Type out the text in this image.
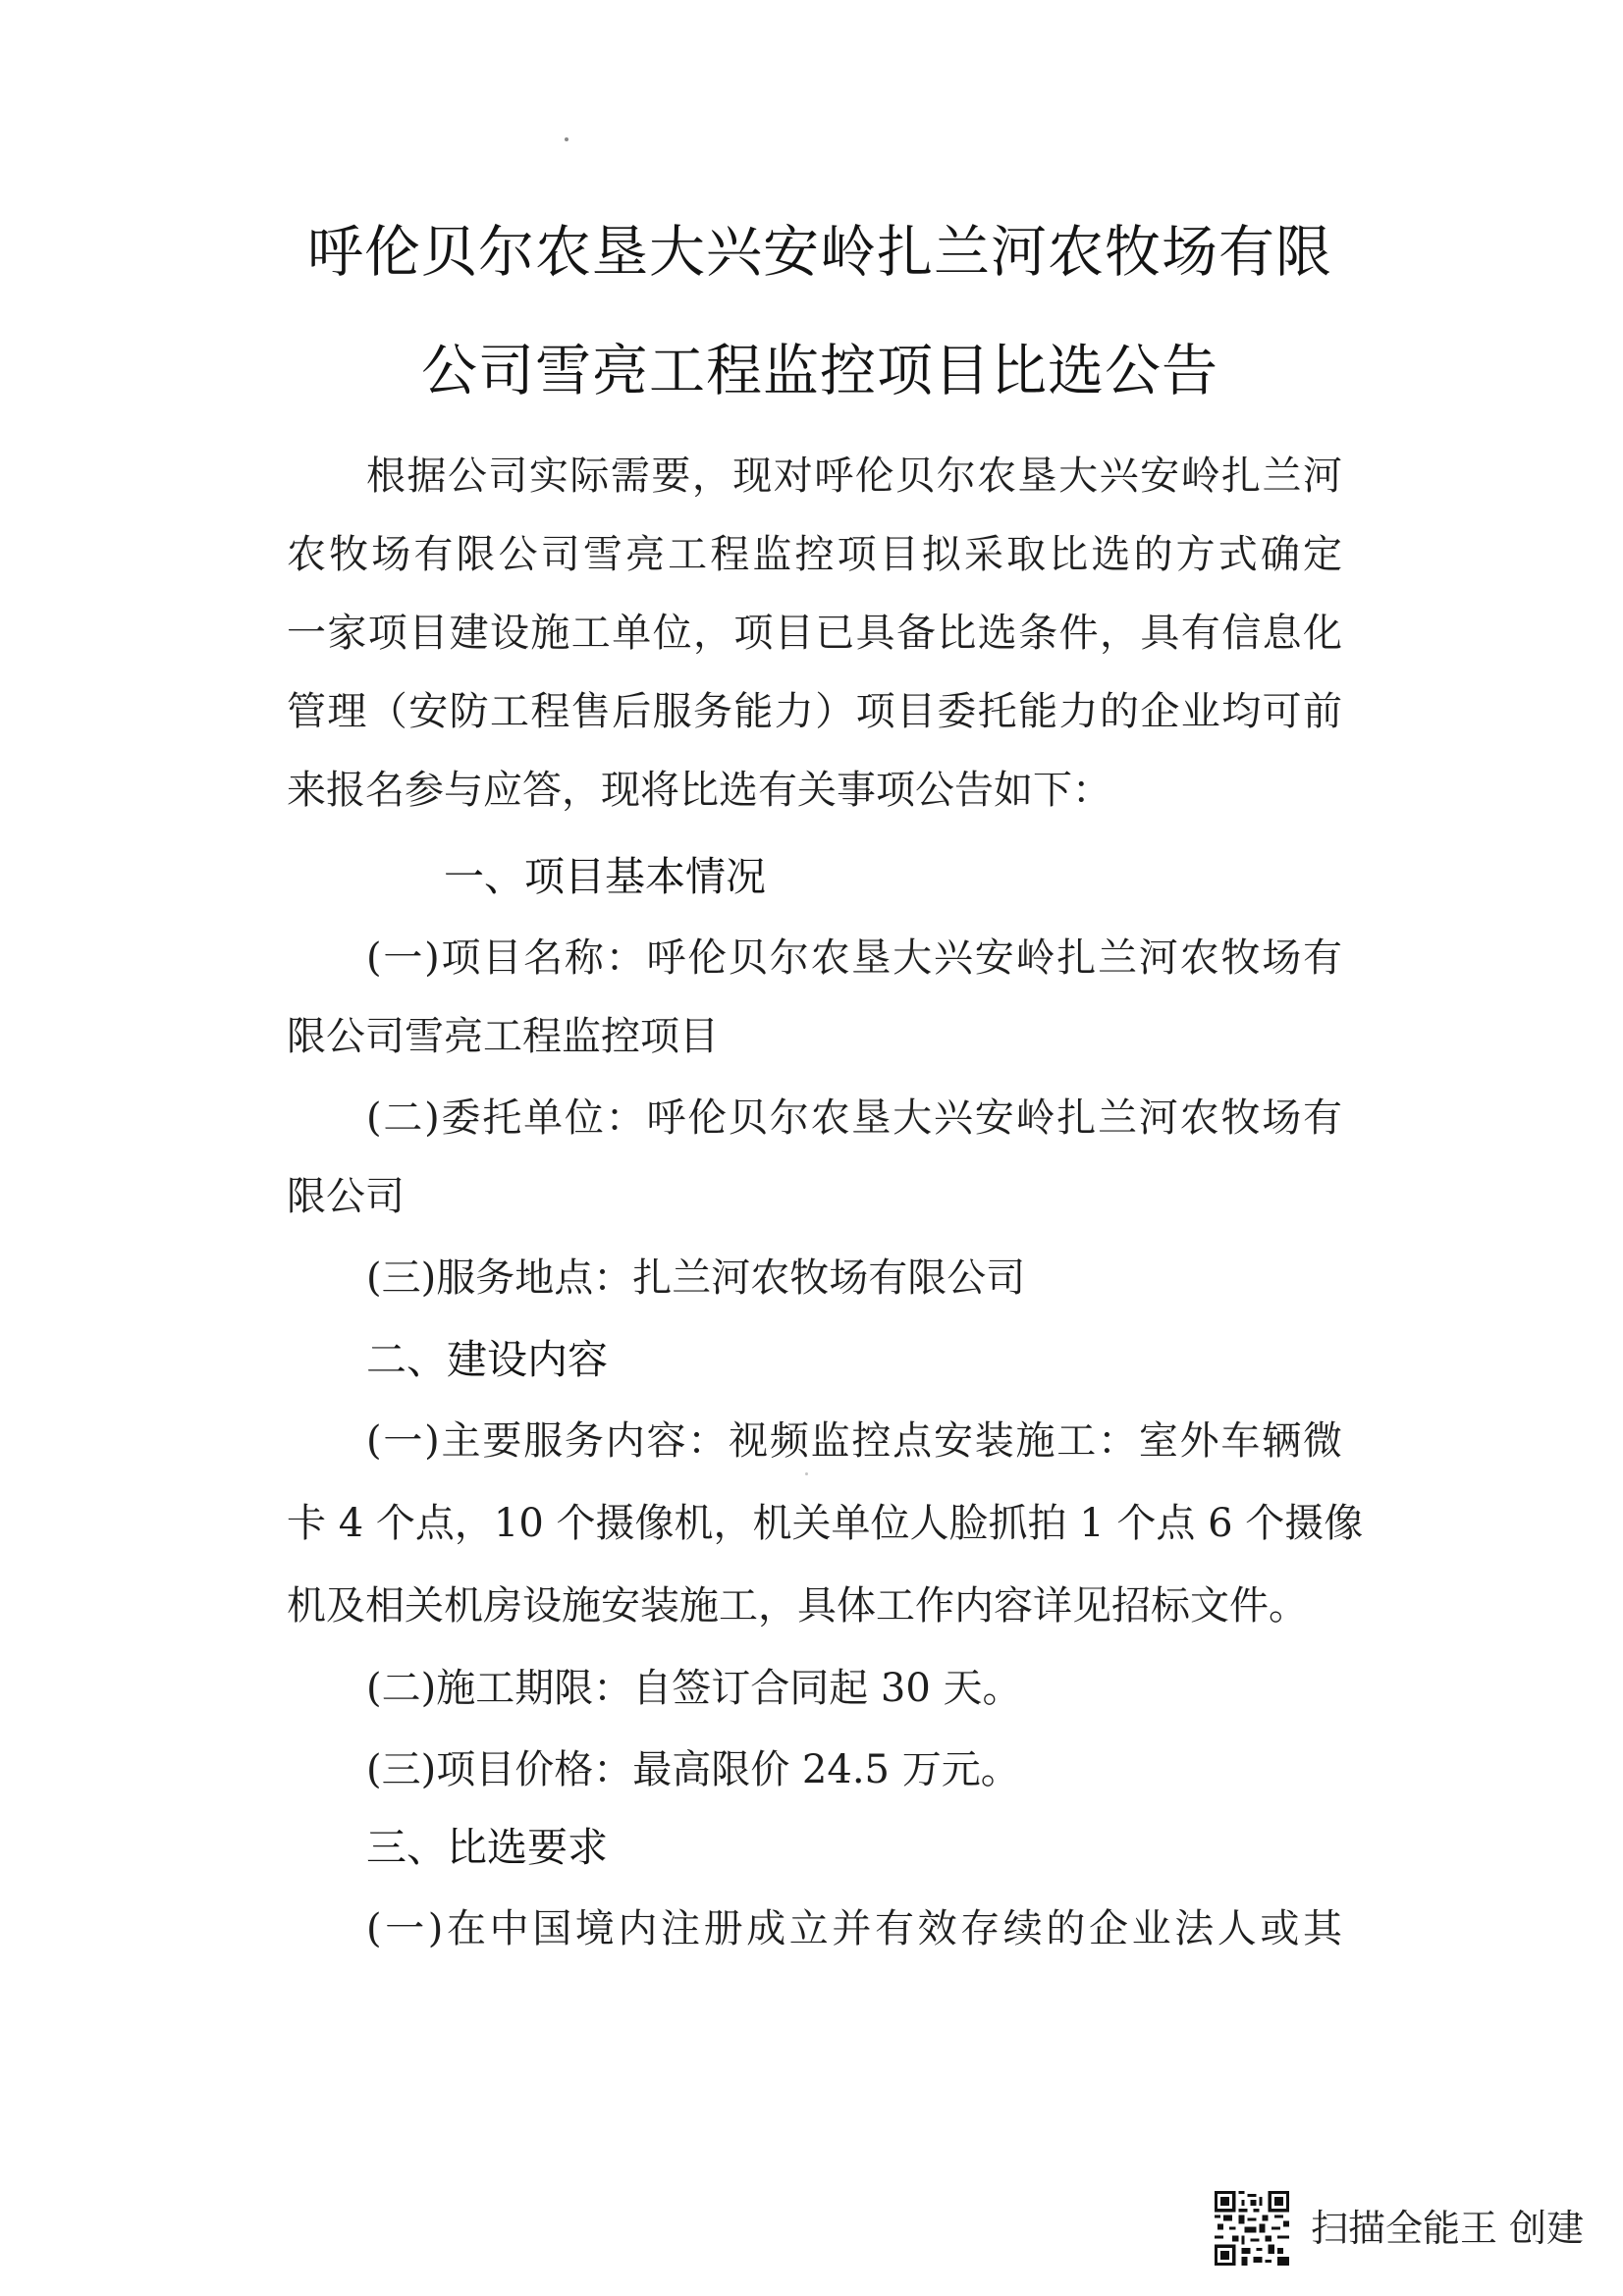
呼伦贝尔农垦大兴安岭扎兰河农牧场有限
公司雪亮工程监控项目比选公告
根据公司实际需要，现对呼伦贝尔农垦大兴安岭扎兰河
农牧场有限公司雪亮工程监控项目拟采取比选的方式确定
一家项目建设施工单位，项目已具备比选条件，具有信息化
管理（安防工程售后服务能力）项目委托能力的企业均可前
来报名参与应答，现将比选有关事项公告如下：
一、项目基本情况
(一)项目名称：呼伦贝尔农垦大兴安岭扎兰河农牧场有
限公司雪亮工程监控项目
(二)委托单位：呼伦贝尔农垦大兴安岭扎兰河农牧场有
限公司
(三)服务地点：扎兰河农牧场有限公司
二、建设内容
(一)主要服务内容：视频监控点安装施工：室外车辆微
卡 4 个点，10 个摄像机，机关单位人脸抓拍 1 个点 6 个摄像
机及相关机房设施安装施工，具体工作内容详见招标文件。
(二)施工期限：自签订合同起 30 天。
(三)项目价格：最高限价 24.5 万元。
三、比选要求
(一)在中国境内注册成立并有效存续的企业法人或其
扫描全能王 创建
